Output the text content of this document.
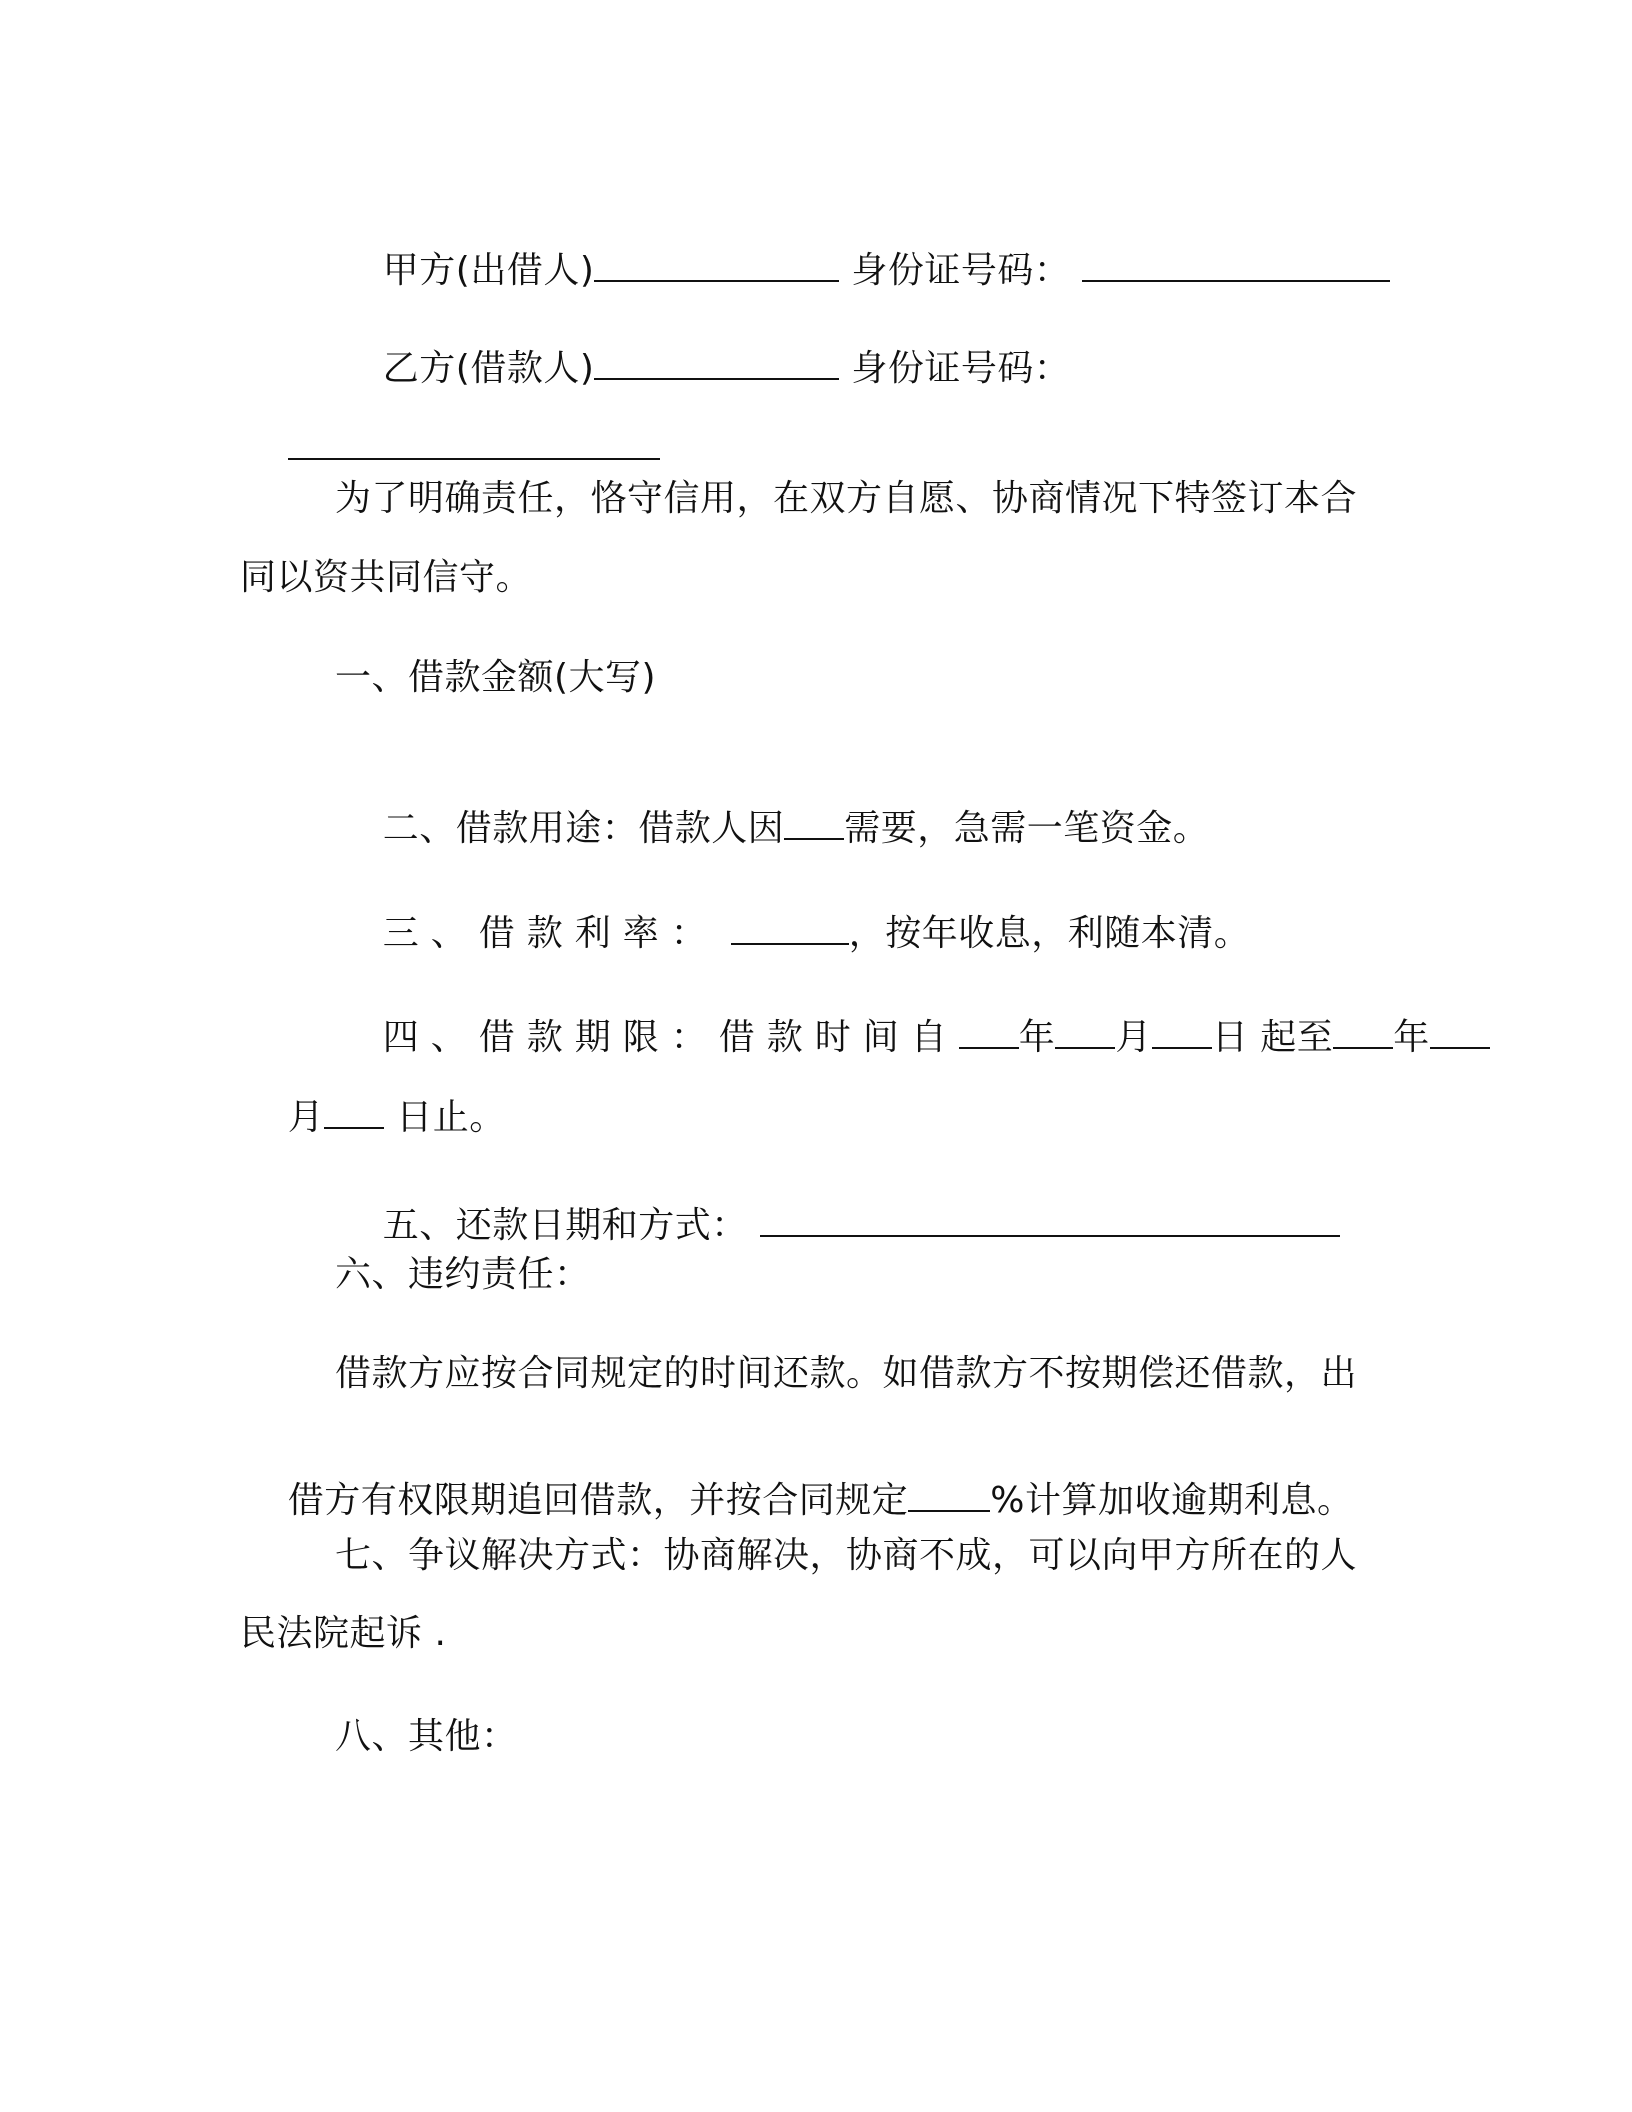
甲方(出借人)	身份证号码：

乙方(借款人)	身份证号码：

为了明确责任，恪守信用，在双方自愿、协商情况下特签订本合
同以资共同信守。
一、借款金额(大写)

二、借款用途：借款人因 需要，急需一笔资金。

三、借款利率：	，按年收息，利随本清。

四、借款期限：借款时间自 年 月 日 起至 年

月 日止。

五、还款日期和方式：

六、违约责任：
借款方应按合同规定的时间还款。如借款方不按期偿还借款，出

借方有权限期追回借款，并按合同规定 %计算加收逾期利息。

七、争议解决方式：协商解决，协商不成，可以向甲方所在的人
民法院起诉 .
八、其他：
